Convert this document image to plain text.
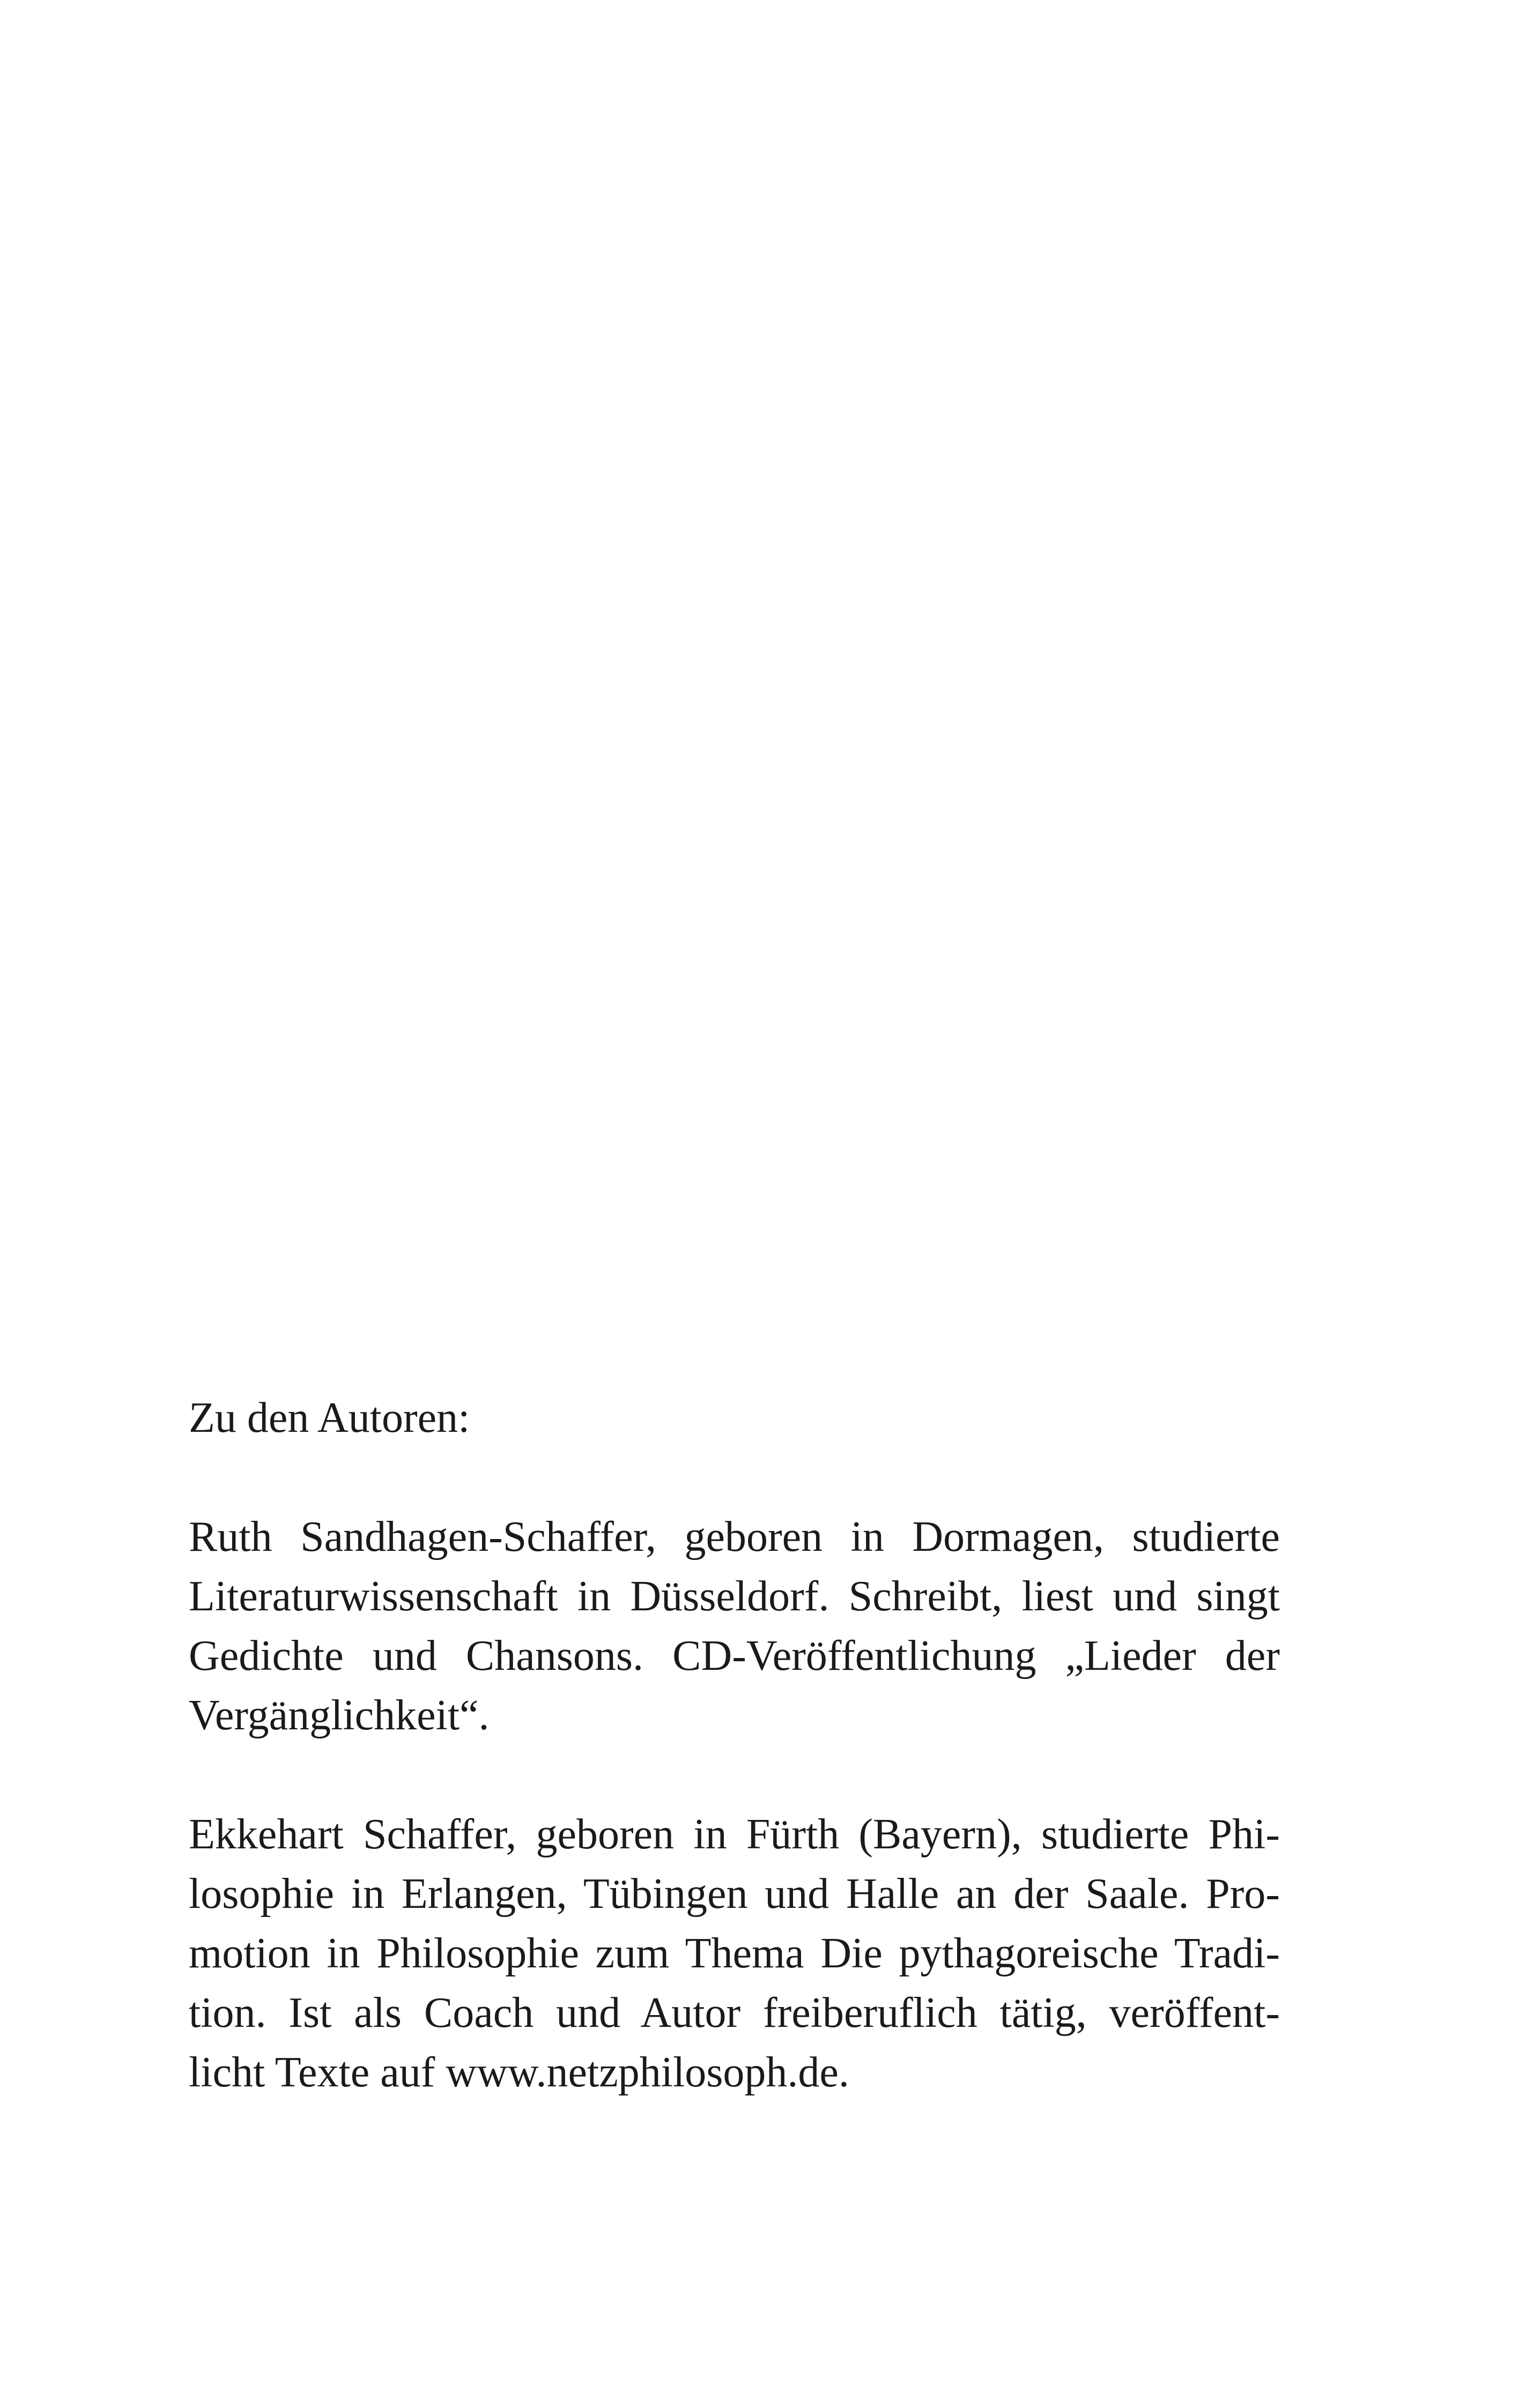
Zu den Autoren:
Ruth Sandhagen-Schaffer, geboren in Dormagen, studierte
Literaturwissenschaft in Düsseldorf. Schreibt, liest und singt
Gedichte und Chansons. CD-Veröffentlichung „Lieder der
Vergänglichkeit“.
Ekkehart Schaffer, geboren in Fürth (Bayern), studierte Phi-
losophie in Erlangen, Tübingen und Halle an der Saale. Pro-
motion in Philosophie zum Thema Die pythagoreische Tradi-
tion. Ist als Coach und Autor freiberuflich tätig, veröffent-
licht Texte auf www.netzphilosoph.de.
